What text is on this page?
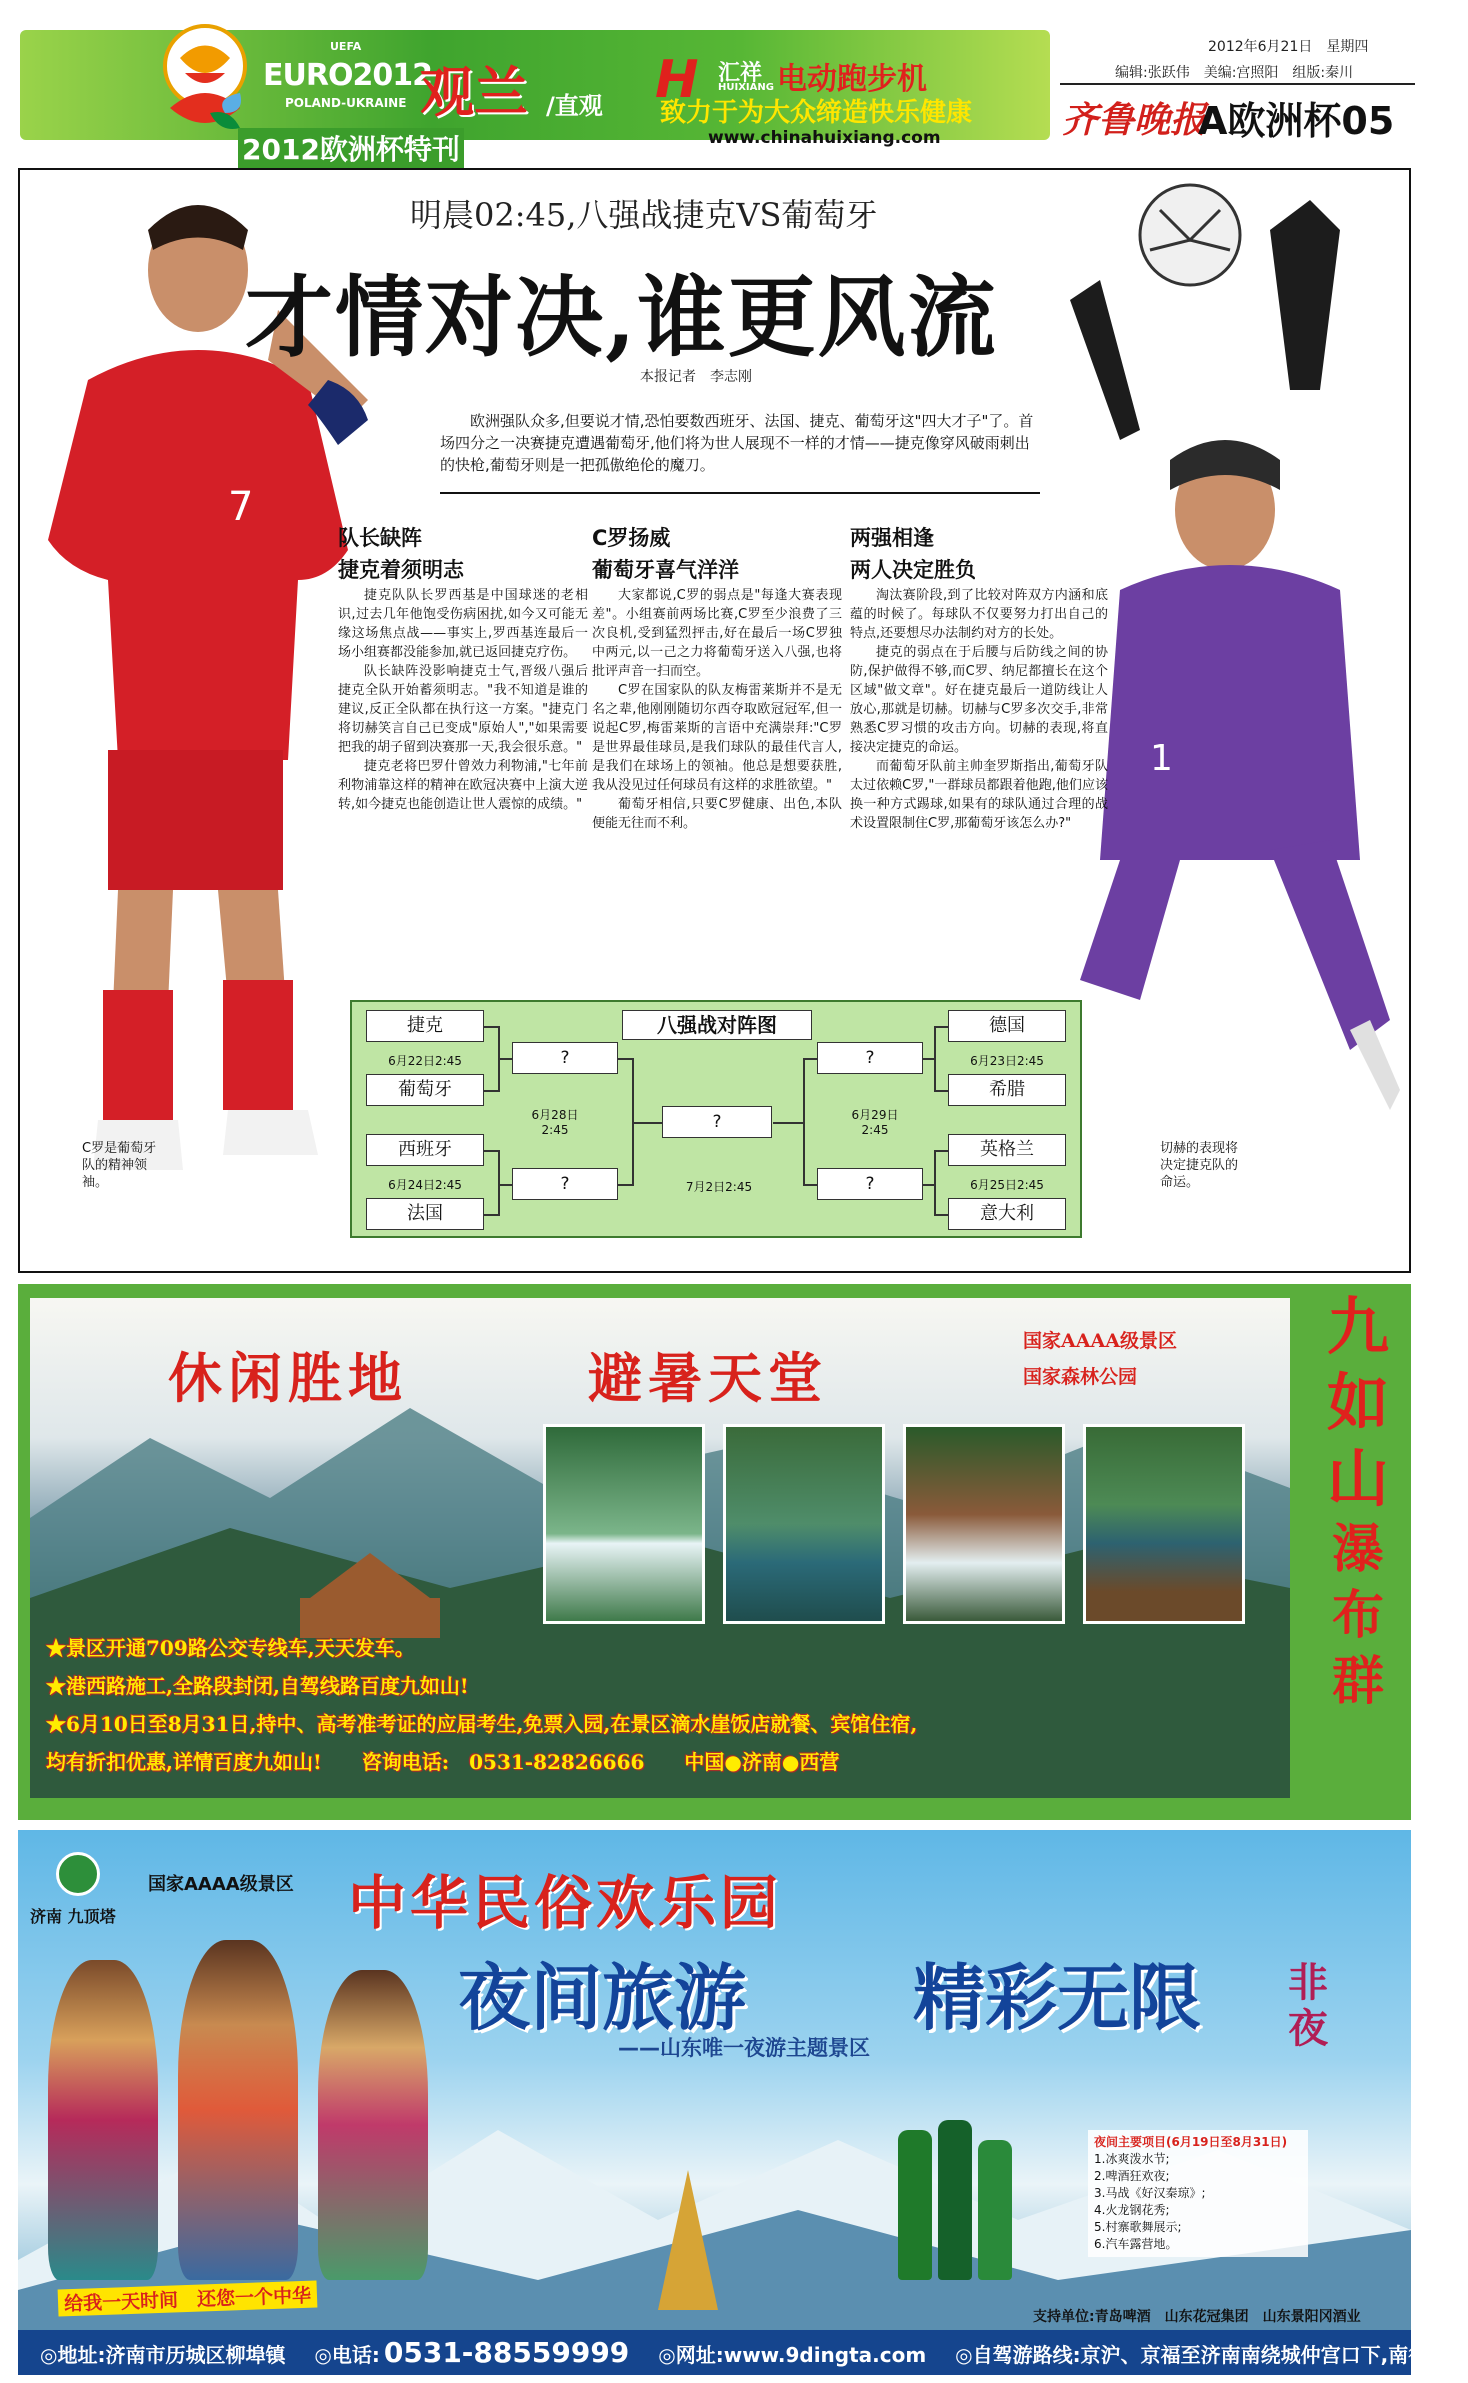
UEFA
EURO2012
POLAND-UKRAINE 观兰 /直观
2012欧洲杯特刊
H 汇祥
HUIXIANG 电动跑步机
致力于为大众缔造快乐健康
www.chinahuixiang.com
2012年6月21日　星期四
编辑:张跃伟　美编:宫照阳　组版:秦川
齐鲁晚报
A欧洲杯05
7
1
明晨02:45,八强战捷克VS葡萄牙
才情对决,谁更风流
本报记者　李志刚
欧洲强队众多,但要说才情,恐怕要数西班牙、法国、捷克、葡萄牙这"四大才子"了。首场四分之一决赛捷克遭遇葡萄牙,他们将为世人展现不一样的才情——捷克像穿风破雨刺出的快枪,葡萄牙则是一把孤傲绝伦的魔刀。
队长缺阵
捷克着须明志

捷克队队长罗西基是中国球迷的老相识,过去几年他饱受伤病困扰,如今又可能无缘这场焦点战——事实上,罗西基连最后一场小组赛都没能参加,就已返回捷克疗伤。

队长缺阵没影响捷克士气,晋级八强后捷克全队开始蓄须明志。"我不知道是谁的建议,反正全队都在执行这一方案。"捷克门将切赫笑言自己已变成"原始人","如果需要把我的胡子留到决赛那一天,我会很乐意。"

捷克老将巴罗什曾效力利物浦,"七年前利物浦靠这样的精神在欧冠决赛中上演大逆转,如今捷克也能创造让世人震惊的成绩。"

C罗扬威
葡萄牙喜气洋洋

大家都说,C罗的弱点是"每逢大赛表现差"。小组赛前两场比赛,C罗至少浪费了三次良机,受到猛烈抨击,好在最后一场C罗独中两元,以一己之力将葡萄牙送入八强,也将批评声音一扫而空。

C罗在国家队的队友梅雷莱斯并不是无名之辈,他刚刚随切尔西夺取欧冠冠军,但一说起C罗,梅雷莱斯的言语中充满崇拜:"C罗是世界最佳球员,是我们球队的最佳代言人,是我们在球场上的领袖。他总是想要获胜,我从没见过任何球员有这样的求胜欲望。"

葡萄牙相信,只要C罗健康、出色,本队便能无往而不利。

两强相逢
两人决定胜负

淘汰赛阶段,到了比较对阵双方内涵和底蕴的时候了。每球队不仅要努力打出自己的特点,还要想尽办法制约对方的长处。

捷克的弱点在于后腰与后防线之间的协防,保护做得不够,而C罗、纳尼都擅长在这个区域"做文章"。好在捷克最后一道防线让人放心,那就是切赫。切赫与C罗多次交手,非常熟悉C罗习惯的攻击方向。切赫的表现,将直接决定捷克的命运。

而葡萄牙队前主帅奎罗斯指出,葡萄牙队太过依赖C罗,"一群球员都跟着他跑,他们应该换一种方式踢球,如果有的球队通过合理的战术设置限制住C罗,那葡萄牙该怎么办?"

C罗是葡萄牙队的精神领袖。
切赫的表现将决定捷克队的命运。
八强战对阵图
捷克
6月22日2:45
葡萄牙
西班牙
6月24日2:45
法国
?
?
6月28日
2:45	?
7月2日2:45
德国
6月23日2:45
希腊
英格兰
6月25日2:45
意大利
?
?
6月29日
2:45
休闲胜地	避暑天堂
国家AAAA级景区
国家森林公园
★景区开通709路公交专线车,天天发车。
★港西路施工,全路段封闭,自驾线路百度九如山!
★6月10日至8月31日,持中、高考准考证的应届考生,免票入园,在景区滴水崖饭店就餐、宾馆住宿,
均有折扣优惠,详情百度九如山!　　咨询电话:　0531-82826666　　中国●济南●西营
九
如
山
瀑
布
群
济南 九顶塔
国家AAAA级景区 中华民俗欢乐园
夜间旅游 精彩无限 非
夜
——山东唯一夜游主题景区
夜间主要项目(6月19日至8月31日)
1.冰爽泼水节;
2.啤酒狂欢夜;
3.马战《好汉秦琼》;
4.火龙钢花秀;
5.村寨歌舞展示;
6.汽车露营地。
给我一天时间　还您一个中华
支持单位:青岛啤酒　山东花冠集团　山东景阳冈酒业
◎地址:济南市历城区柳埠镇 ◎电话: 0531-88559999 ◎网址:www.9dingta.com ◎自驾游路线:京沪、京福至济南南绕城仲宫口下,南行即到
